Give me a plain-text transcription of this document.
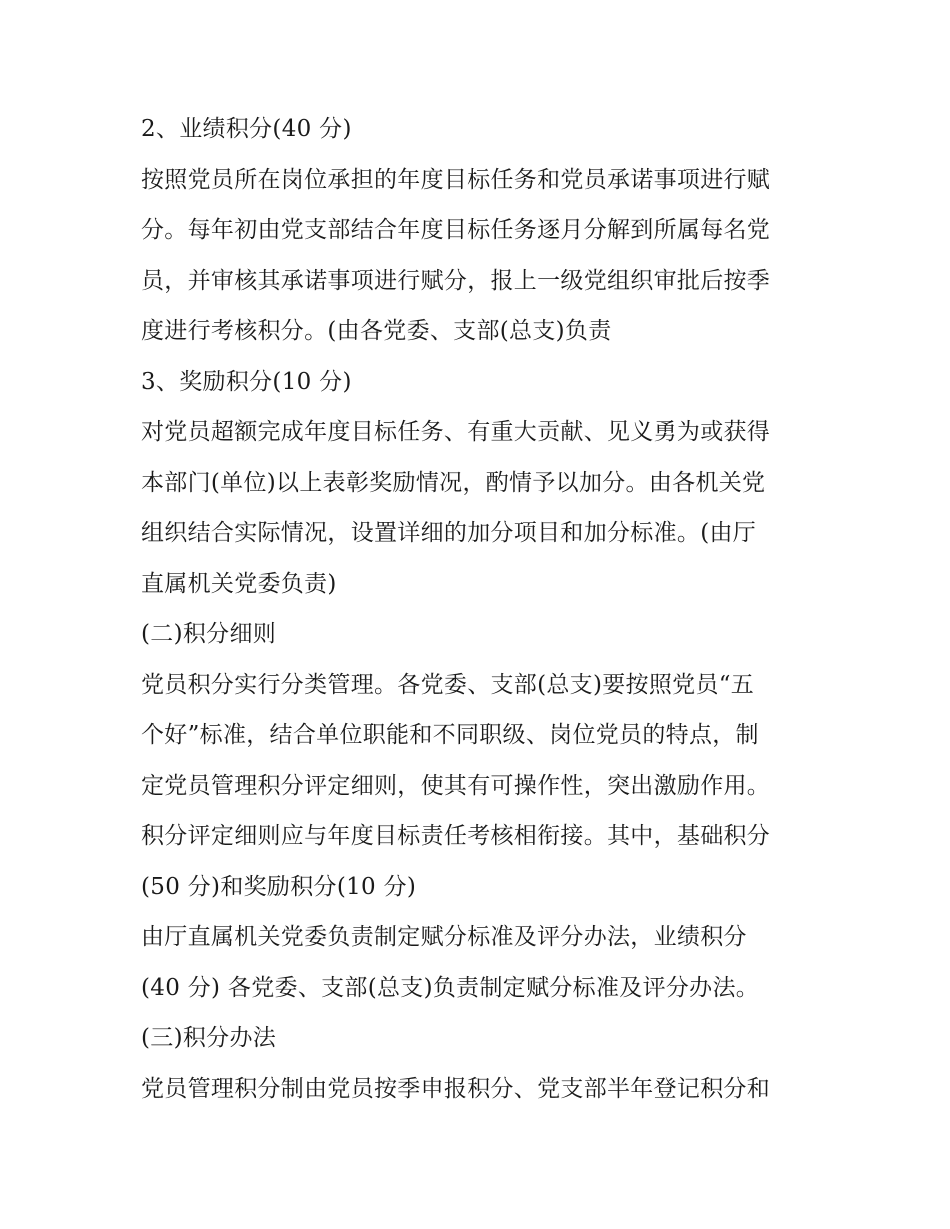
2、业绩积分(40 分)
按照党员所在岗位承担的年度目标任务和党员承诺事项进行赋
分。每年初由党支部结合年度目标任务逐月分解到所属每名党
员，并审核其承诺事项进行赋分，报上一级党组织审批后按季
度进行考核积分。(由各党委、支部(总支)负责
3、奖励积分(10 分)
对党员超额完成年度目标任务、有重大贡献、见义勇为或获得
本部门(单位)以上表彰奖励情况，酌情予以加分。由各机关党
组织结合实际情况，设置详细的加分项目和加分标准。(由厅
直属机关党委负责)
(二)积分细则
党员积分实行分类管理。各党委、支部(总支)要按照党员“五
个好”标准，结合单位职能和不同职级、岗位党员的特点，制
定党员管理积分评定细则，使其有可操作性，突出激励作用。
积分评定细则应与年度目标责任考核相衔接。其中，基础积分
(50 分)和奖励积分(10 分)
由厅直属机关党委负责制定赋分标准及评分办法，业绩积分
(40 分) 各党委、支部(总支)负责制定赋分标准及评分办法。
(三)积分办法
党员管理积分制由党员按季申报积分、党支部半年登记积分和
